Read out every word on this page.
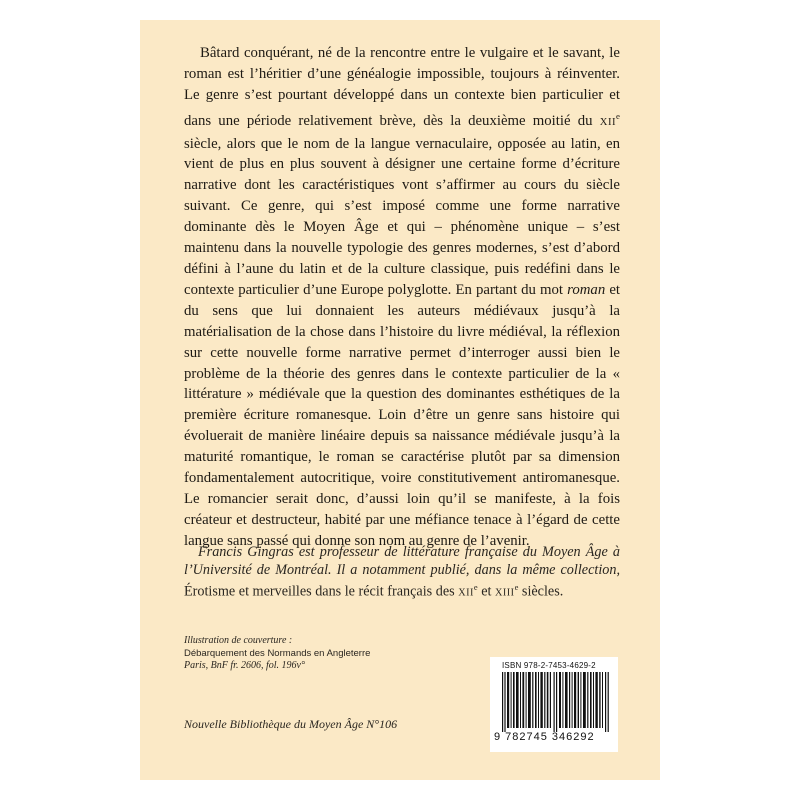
Bâtard conquérant, né de la rencontre entre le vulgaire et le savant, le roman est l’héritier d’une généalogie impossible, toujours à réinventer. Le genre s’est pourtant développé dans un contexte bien particulier et dans une période relativement brève, dès la deuxième moitié du XIIe siècle, alors que le nom de la langue vernaculaire, opposée au latin, en vient de plus en plus souvent à désigner une certaine forme d’écriture narrative dont les caractéristiques vont s’affirmer au cours du siècle suivant. Ce genre, qui s’est imposé comme une forme narrative dominante dès le Moyen Âge et qui – phénomène unique – s’est maintenu dans la nouvelle typologie des genres modernes, s’est d’abord défini à l’aune du latin et de la culture classique, puis redéfini dans le contexte particulier d’une Europe polyglotte. En partant du mot roman et du sens que lui donnaient les auteurs médiévaux jusqu’à la matérialisation de la chose dans l’histoire du livre médiéval, la réflexion sur cette nouvelle forme narrative permet d’interroger aussi bien le problème de la théorie des genres dans le contexte particulier de la « littérature » médiévale que la question des dominantes esthétiques de la première écriture romanesque. Loin d’être un genre sans histoire qui évoluerait de manière linéaire depuis sa naissance médiévale jusqu’à la maturité romantique, le roman se caractérise plutôt par sa dimension fondamentalement autocritique, voire constitutivement antiromanesque. Le romancier serait donc, d’aussi loin qu’il se manifeste, à la fois créateur et destructeur, habité par une méfiance tenace à l’égard de cette langue sans passé qui donne son nom au genre de l’avenir.

Francis Gingras est professeur de littérature française du Moyen Âge à l’Université de Montréal. Il a notamment publié, dans la même collection, Érotisme et merveilles dans le récit français des XIIe et XIIIe siècles.

Illustration de couverture :
Débarquement des Normands en Angleterre
Paris, BnF fr. 2606, fol. 196v°
Nouvelle Bibliothèque du Moyen Âge N°106
ISBN 978-2-7453-4629-2
9 782745 346292
